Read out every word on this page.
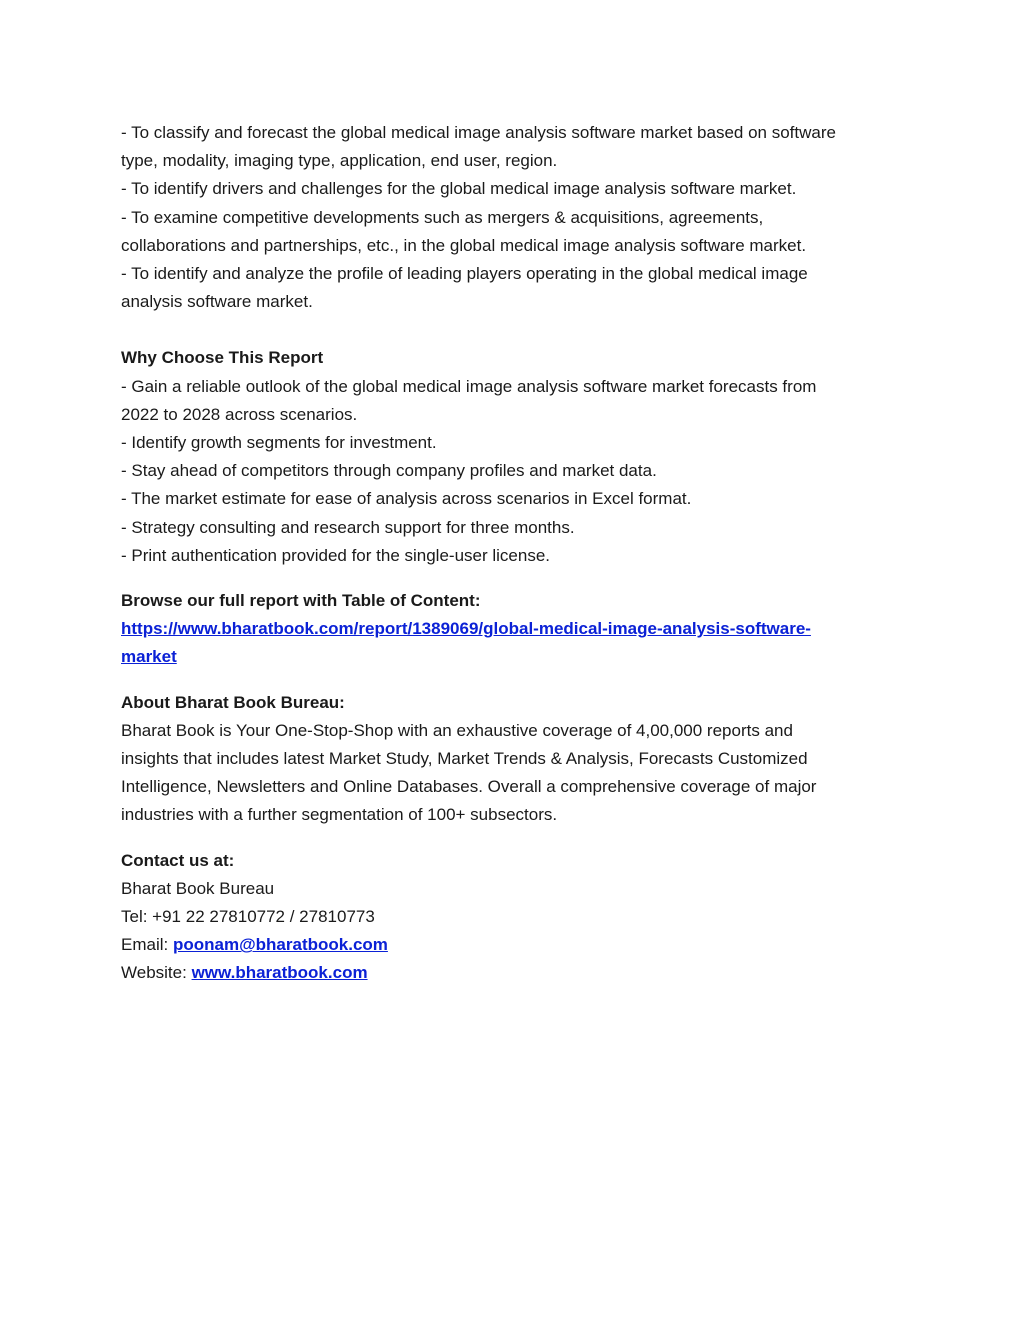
- To classify and forecast the global medical image analysis software market based on software
type, modality, imaging type, application, end user, region.
- To identify drivers and challenges for the global medical image analysis software market.
- To examine competitive developments such as mergers & acquisitions, agreements,
collaborations and partnerships, etc., in the global medical image analysis software market.
- To identify and analyze the profile of leading players operating in the global medical image
analysis software market.
Why Choose This Report
- Gain a reliable outlook of the global medical image analysis software market forecasts from
2022 to 2028 across scenarios.
- Identify growth segments for investment.
- Stay ahead of competitors through company profiles and market data.
- The market estimate for ease of analysis across scenarios in Excel format.
- Strategy consulting and research support for three months.
- Print authentication provided for the single-user license.
Browse our full report with Table of Content:
https://www.bharatbook.com/report/1389069/global-medical-image-analysis-software-
market
About Bharat Book Bureau:
Bharat Book is Your One-Stop-Shop with an exhaustive coverage of 4,00,000 reports and
insights that includes latest Market Study, Market Trends & Analysis, Forecasts Customized
Intelligence, Newsletters and Online Databases. Overall a comprehensive coverage of major
industries with a further segmentation of 100+ subsectors.
Contact us at:
Bharat Book Bureau
Tel: +91 22 27810772 / 27810773
Email: poonam@bharatbook.com
Website: www.bharatbook.com
